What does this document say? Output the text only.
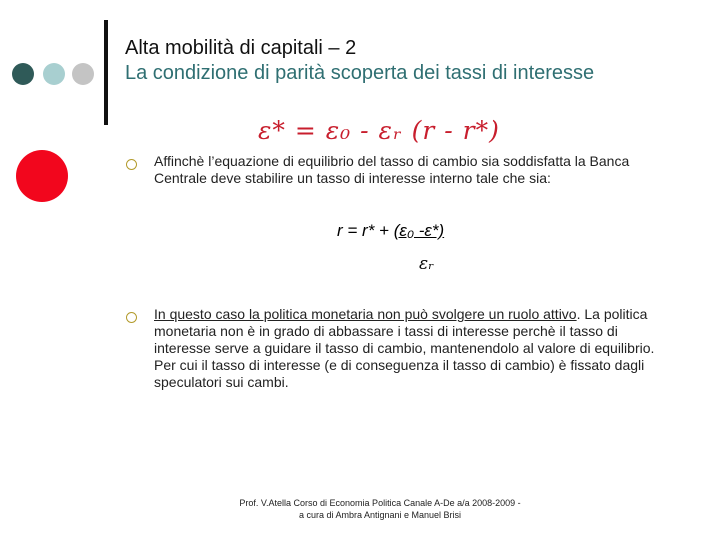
Alta mobilità di capitali – 2
La condizione di parità scoperta dei tassi di interesse
ε* = ε₀ - εᵣ (r - r*)
Affinchè l’equazione di equilibrio del tasso di cambio sia soddisfatta la Banca Centrale deve stabilire un tasso di interesse interno tale che sia:
r = r* + (ε₀ -ε*)
εᵣ
In questo caso la politica monetaria non può svolgere un ruolo attivo. La politica monetaria non è in grado di abbassare i tassi di interesse perchè il tasso di interesse serve a guidare il tasso di cambio, mantenendolo al valore di equilibrio. Per cui il tasso di interesse (e di conseguenza il tasso di cambio) è fissato dagli speculatori sui cambi.
Prof. V.Atella Corso di Economia Politica Canale A-De a/a 2008-2009 -
a cura di Ambra Antignani e Manuel Brisi
